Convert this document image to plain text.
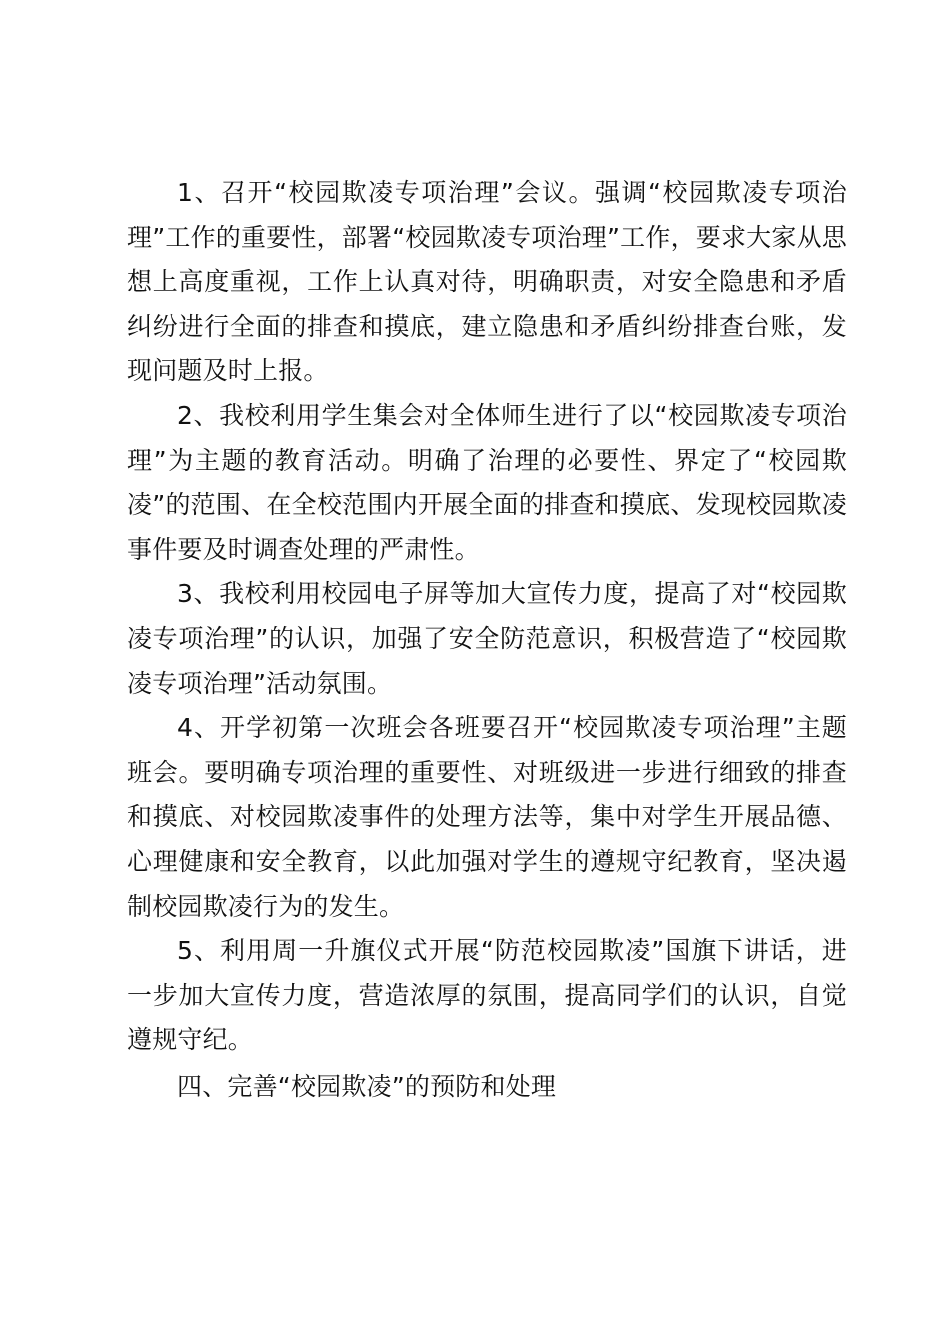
1、召开“校园欺凌专项治理”会议。强调“校园欺凌专项治理”工作的重要性，部署“校园欺凌专项治理”工作，要求大家从思想上高度重视，工作上认真对待，明确职责，对安全隐患和矛盾纠纷进行全面的排查和摸底，建立隐患和矛盾纠纷排查台账，发现问题及时上报。

2、我校利用学生集会对全体师生进行了以“校园欺凌专项治理”为主题的教育活动。明确了治理的必要性、界定了“校园欺凌”的范围、在全校范围内开展全面的排查和摸底、发现校园欺凌事件要及时调查处理的严肃性。

3、我校利用校园电子屏等加大宣传力度，提高了对“校园欺凌专项治理”的认识，加强了安全防范意识，积极营造了“校园欺凌专项治理”活动氛围。

4、开学初第一次班会各班要召开“校园欺凌专项治理”主题班会。要明确专项治理的重要性、对班级进一步进行细致的排查和摸底、对校园欺凌事件的处理方法等，集中对学生开展品德、心理健康和安全教育，以此加强对学生的遵规守纪教育，坚决遏制校园欺凌行为的发生。

5、利用周一升旗仪式开展“防范校园欺凌”国旗下讲话，进一步加大宣传力度，营造浓厚的氛围，提高同学们的认识，自觉遵规守纪。

四、完善“校园欺凌”的预防和处理
